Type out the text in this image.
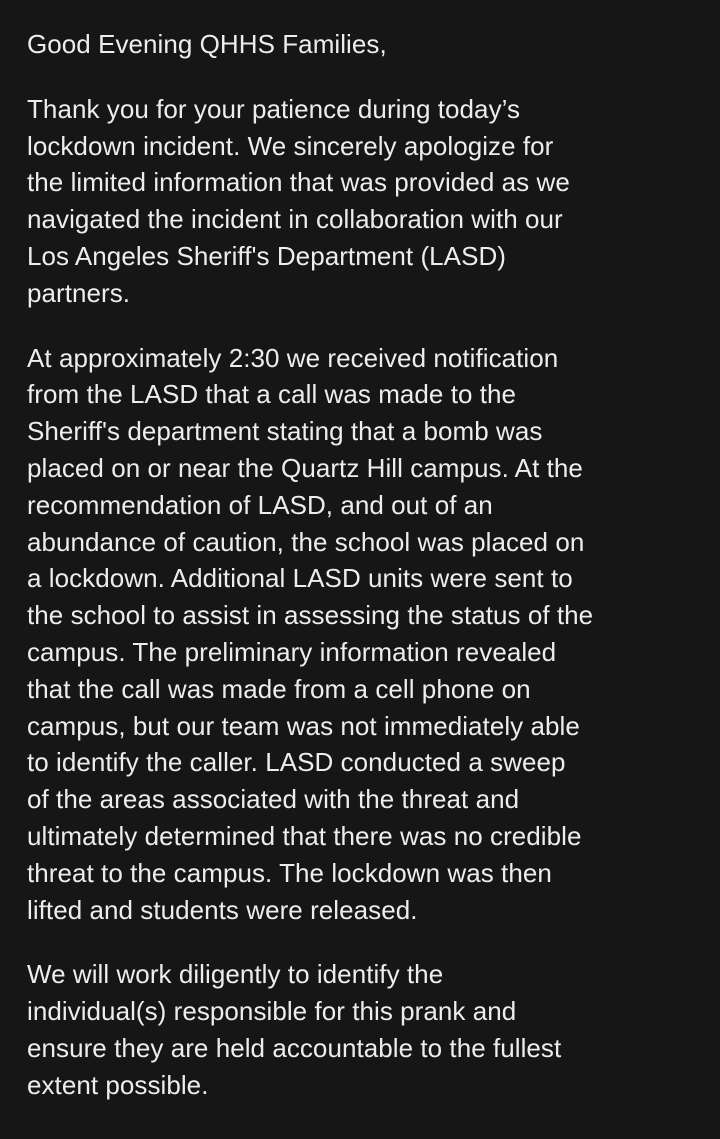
Good Evening QHHS Families,
Thank you for your patience during today’s
lockdown incident. We sincerely apologize for
the limited information that was provided as we
navigated the incident in collaboration with our
Los Angeles Sheriff's Department (LASD)
partners.
At approximately 2:30 we received notification
from the LASD that a call was made to the
Sheriff's department stating that a bomb was
placed on or near the Quartz Hill campus. At the
recommendation of LASD, and out of an
abundance of caution, the school was placed on
a lockdown. Additional LASD units were sent to
the school to assist in assessing the status of the
campus. The preliminary information revealed
that the call was made from a cell phone on
campus, but our team was not immediately able
to identify the caller. LASD conducted a sweep
of the areas associated with the threat and
ultimately determined that there was no credible
threat to the campus. The lockdown was then
lifted and students were released.
We will work diligently to identify the
individual(s) responsible for this prank and
ensure they are held accountable to the fullest
extent possible.
